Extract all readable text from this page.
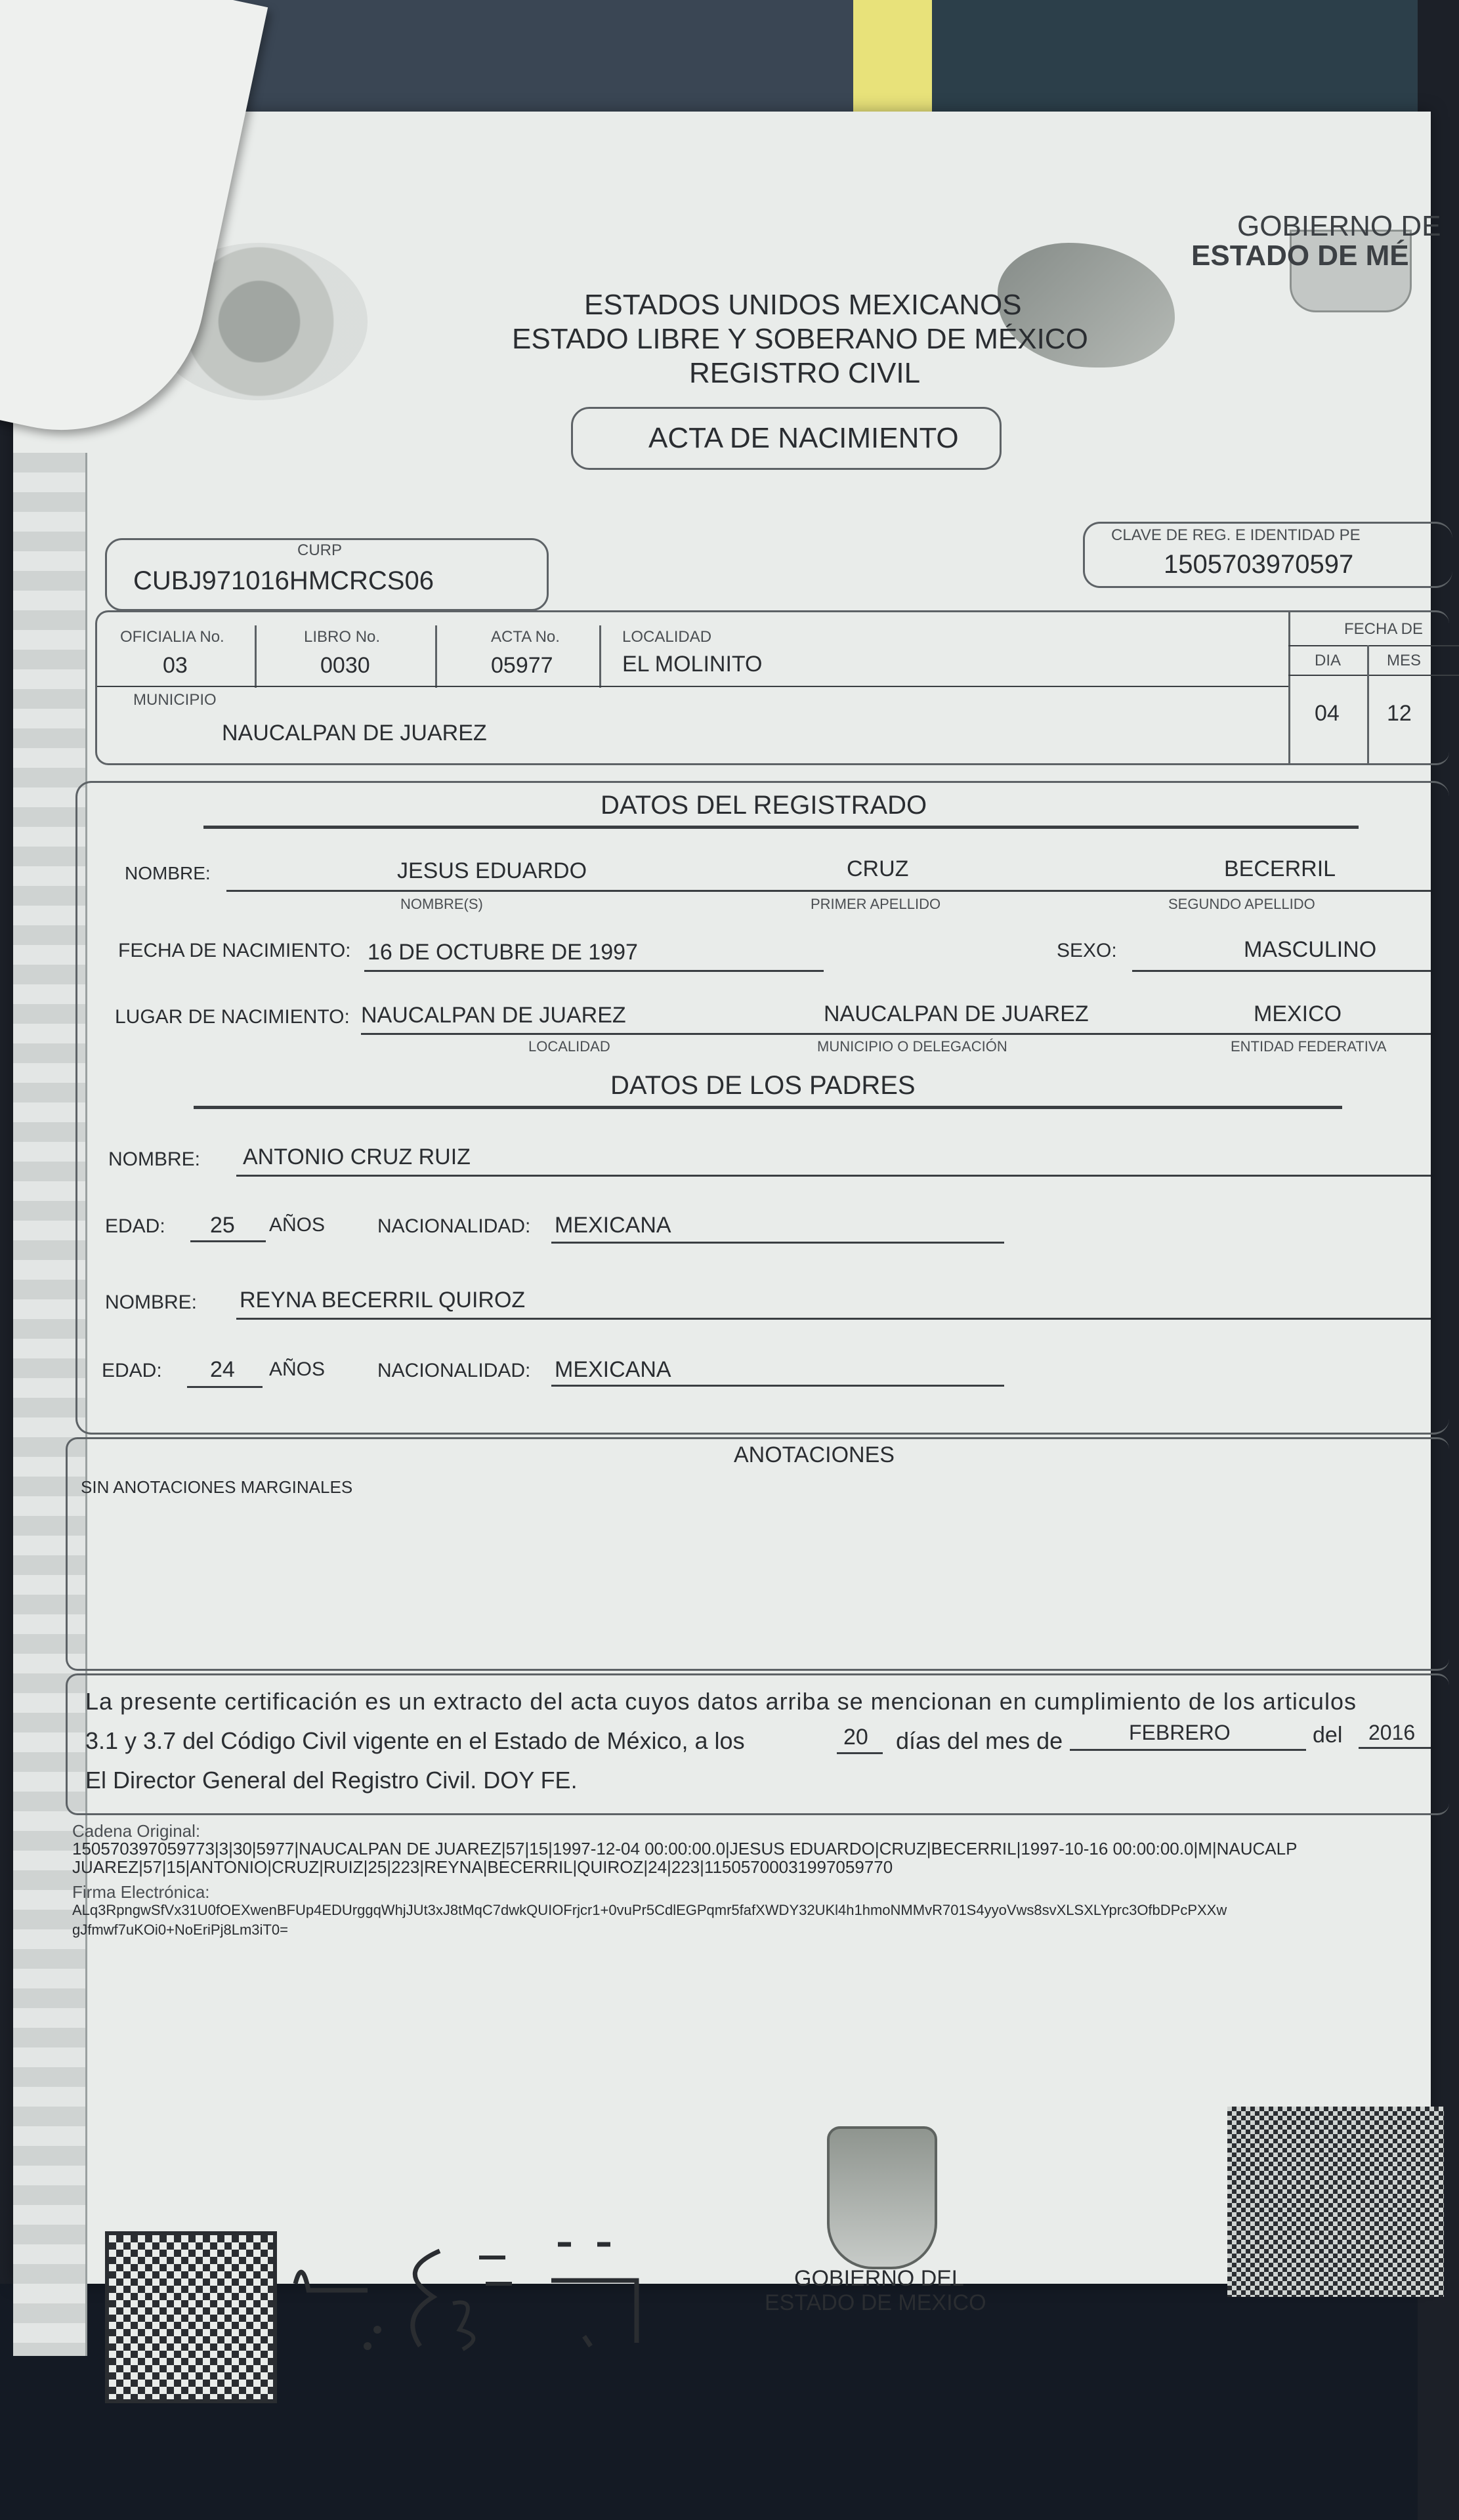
GOBIERNO DE
ESTADO DE MÉ
ESTADOS UNIDOS MEXICANOS
ESTADO LIBRE Y SOBERANO DE MÉXICO
REGISTRO CIVIL
ACTA DE NACIMIENTO
CURP
CUBJ971016HMCRCS06
CLAVE DE REG. E IDENTIDAD PE
150570397059​7
OFICIALIA No.
03
LIBRO No.
0030
ACTA No.
05977
LOCALIDAD
EL MOLINITO
MUNICIPIO
NAUCALPAN DE JUAREZ
FECHA DE
DIA	MES
04 12
DATOS DEL REGISTRADO
NOMBRE:	JESUS EDUARDO	CRUZ	BECERRIL
NOMBRE(S)	PRIMER APELLIDO	SEGUNDO APELLIDO
FECHA DE NACIMIENTO: 16 DE OCTUBRE DE 1997	SEXO:	MASCULINO
LUGAR DE NACIMIENTO: NAUCALPAN DE JUAREZ	NAUCALPAN DE JUAREZ	MEXICO
LOCALIDAD	MUNICIPIO O DELEGACIÓN	ENTIDAD FEDERATIVA
DATOS DE LOS PADRES
NOMBRE: ANTONIO CRUZ RUIZ
EDAD: 25 AÑOS	NACIONALIDAD: MEXICANA
NOMBRE: REYNA BECERRIL QUIROZ
EDAD: 24 AÑOS	NACIONALIDAD: MEXICANA
ANOTACIONES
SIN ANOTACIONES MARGINALES
La presente certificación es un extracto del acta cuyos datos arriba se mencionan en cumplimiento de los articulos
3.1 y 3.7 del Código Civil vigente en el Estado de México, a los	20 días del mes de	FEBRERO	del 2016
El Director General del Registro Civil. DOY FE.
Cadena Original:
150570397059773|3|30|5977|NAUCALPAN DE JUAREZ|57|15|1997-12-04 00:00:00.0|JESUS EDUARDO|CRUZ|BECERRIL|1997-10-16 00:00:00.0|M|NAUCALP
JUAREZ|57|15|ANTONIO|CRUZ|RUIZ|25|223|REYNA|BECERRIL|QUIROZ|24|223|1150570003199​7059770
Firma Electrónica:
ALq3RpngwSfVx31U0fOEXwenBFUp4EDUrggqWhjJUt3xJ8tMqC7dwkQUIOFrjcr1+0vuPr5CdlEGPqmr5fafXWDY32UKl4h1hmoNMMvR701S4yyoVws8svXLSXLYprc3OfbDPcPXXw
gJfmwf7uKOi0+NoEriPj8Lm3iT0=
GOBIERNO DEL
ESTADO DE MEXICO
